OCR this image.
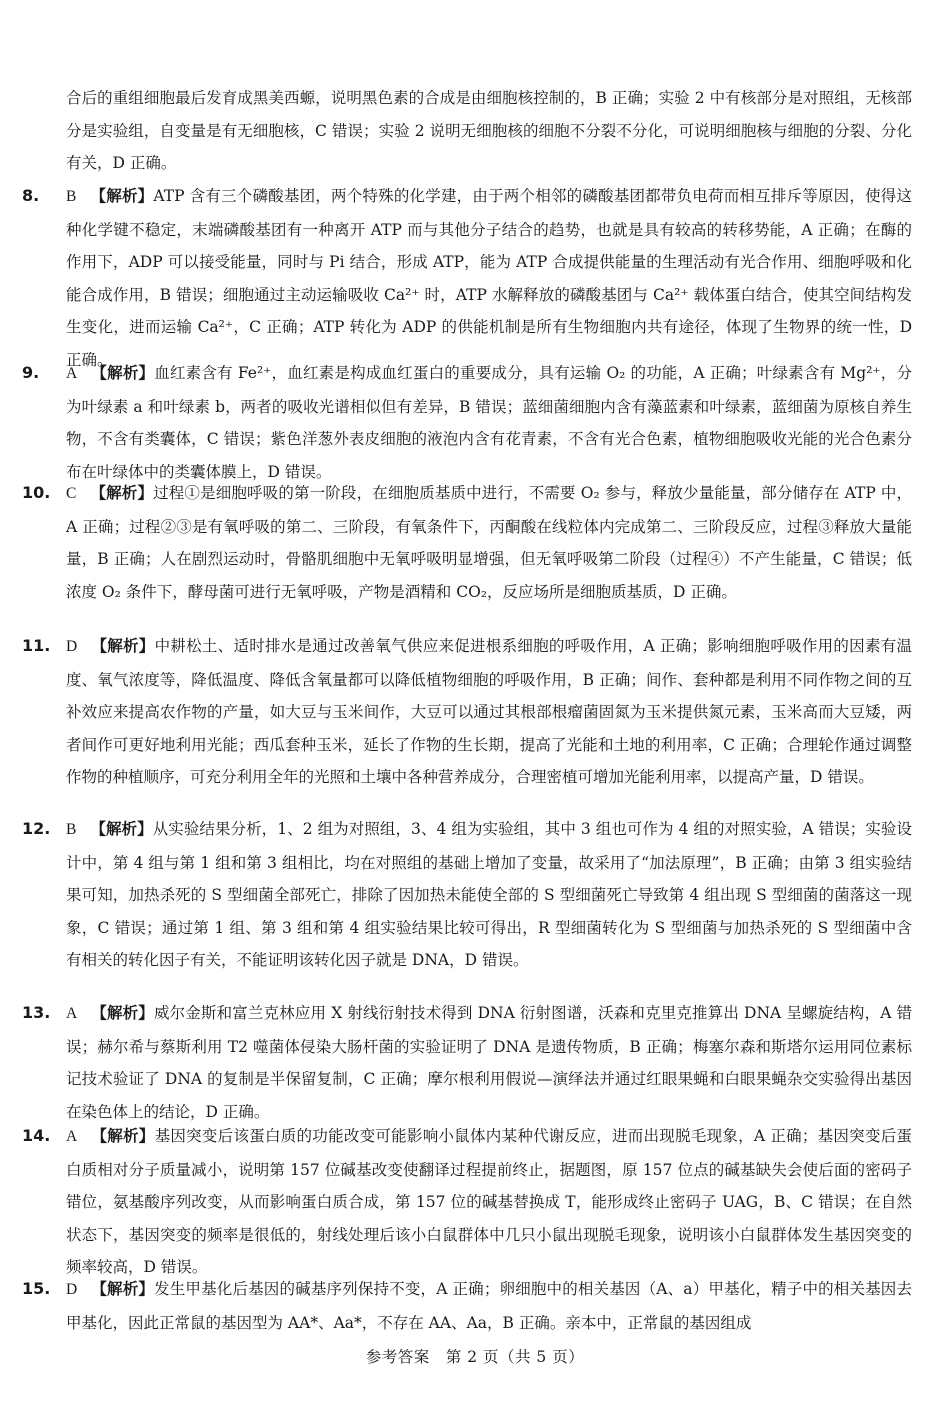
合后的重组细胞最后发育成黑美西螈，说明黑色素的合成是由细胞核控制的，B 正确；实验 2 中有核部分是对照组，无核部分是实验组，自变量是有无细胞核，C 错误；实验 2 说明无细胞核的细胞不分裂不分化，可说明细胞核与细胞的分裂、分化有关，D 正确。

8.	B 【解析】ATP 含有三个磷酸基团，两个特殊的化学建，由于两个相邻的磷酸基团都带负电荷而相互排斥等原因，使得这种化学键不稳定，末端磷酸基团有一种离开 ATP 而与其他分子结合的趋势，也就是具有较高的转移势能，A 正确；在酶的作用下，ADP 可以接受能量，同时与 Pi 结合，形成 ATP，能为 ATP 合成提供能量的生理活动有光合作用、细胞呼吸和化能合成作用，B 错误；细胞通过主动运输吸收 Ca²⁺ 时，ATP 水解释放的磷酸基团与 Ca²⁺ 载体蛋白结合，使其空间结构发生变化，进而运输 Ca²⁺，C 正确；ATP 转化为 ADP 的供能机制是所有生物细胞内共有途径，体现了生物界的统一性，D 正确。
9.	A 【解析】血红素含有 Fe²⁺，血红素是构成血红蛋白的重要成分，具有运输 O₂ 的功能，A 正确；叶绿素含有 Mg²⁺，分为叶绿素 a 和叶绿素 b，两者的吸收光谱相似但有差异，B 错误；蓝细菌细胞内含有藻蓝素和叶绿素，蓝细菌为原核自养生物，不含有类囊体，C 错误；紫色洋葱外表皮细胞的液泡内含有花青素，不含有光合色素，植物细胞吸收光能的光合色素分布在叶绿体中的类囊体膜上，D 错误。
10.	C 【解析】过程①是细胞呼吸的第一阶段，在细胞质基质中进行，不需要 O₂ 参与，释放少量能量，部分储存在 ATP 中，A 正确；过程②③是有氧呼吸的第二、三阶段，有氧条件下，丙酮酸在线粒体内完成第二、三阶段反应，过程③释放大量能量，B 正确；人在剧烈运动时，骨骼肌细胞中无氧呼吸明显增强，但无氧呼吸第二阶段（过程④）不产生能量，C 错误；低浓度 O₂ 条件下，酵母菌可进行无氧呼吸，产物是酒精和 CO₂，反应场所是细胞质基质，D 正确。
11.	D 【解析】中耕松土、适时排水是通过改善氧气供应来促进根系细胞的呼吸作用，A 正确；影响细胞呼吸作用的因素有温度、氧气浓度等，降低温度、降低含氧量都可以降低植物细胞的呼吸作用，B 正确；间作、套种都是利用不同作物之间的互补效应来提高农作物的产量，如大豆与玉米间作，大豆可以通过其根部根瘤菌固氮为玉米提供氮元素，玉米高而大豆矮，两者间作可更好地利用光能；西瓜套种玉米，延长了作物的生长期，提高了光能和土地的利用率，C 正确；合理轮作通过调整作物的种植顺序，可充分利用全年的光照和土壤中各种营养成分，合理密植可增加光能利用率，以提高产量，D 错误。
12.	B 【解析】从实验结果分析，1、2 组为对照组，3、4 组为实验组，其中 3 组也可作为 4 组的对照实验，A 错误；实验设计中，第 4 组与第 1 组和第 3 组相比，均在对照组的基础上增加了变量，故采用了“加法原理”，B 正确；由第 3 组实验结果可知，加热杀死的 S 型细菌全部死亡，排除了因加热未能使全部的 S 型细菌死亡导致第 4 组出现 S 型细菌的菌落这一现象，C 错误；通过第 1 组、第 3 组和第 4 组实验结果比较可得出，R 型细菌转化为 S 型细菌与加热杀死的 S 型细菌中含有相关的转化因子有关，不能证明该转化因子就是 DNA，D 错误。
13.	A 【解析】威尔金斯和富兰克林应用 X 射线衍射技术得到 DNA 衍射图谱，沃森和克里克推算出 DNA 呈螺旋结构，A 错误；赫尔希与蔡斯利用 T2 噬菌体侵染大肠杆菌的实验证明了 DNA 是遗传物质，B 正确；梅塞尔森和斯塔尔运用同位素标记技术验证了 DNA 的复制是半保留复制，C 正确；摩尔根利用假说—演绎法并通过红眼果蝇和白眼果蝇杂交实验得出基因在染色体上的结论，D 正确。
14.	A 【解析】基因突变后该蛋白质的功能改变可能影响小鼠体内某种代谢反应，进而出现脱毛现象，A 正确；基因突变后蛋白质相对分子质量减小，说明第 157 位碱基改变使翻译过程提前终止，据题图，原 157 位点的碱基缺失会使后面的密码子错位，氨基酸序列改变，从而影响蛋白质合成，第 157 位的碱基替换成 T，能形成终止密码子 UAG，B、C 错误；在自然状态下，基因突变的频率是很低的，射线处理后该小白鼠群体中几只小鼠出现脱毛现象，说明该小白鼠群体发生基因突变的频率较高，D 错误。
15.	D 【解析】发生甲基化后基因的碱基序列保持不变，A 正确；卵细胞中的相关基因（A、a）甲基化，精子中的相关基因去甲基化，因此正常鼠的基因型为 AA*、Aa*，不存在 AA、Aa，B 正确。亲本中，正常鼠的基因组成
参考答案　第 2 页（共 5 页）
